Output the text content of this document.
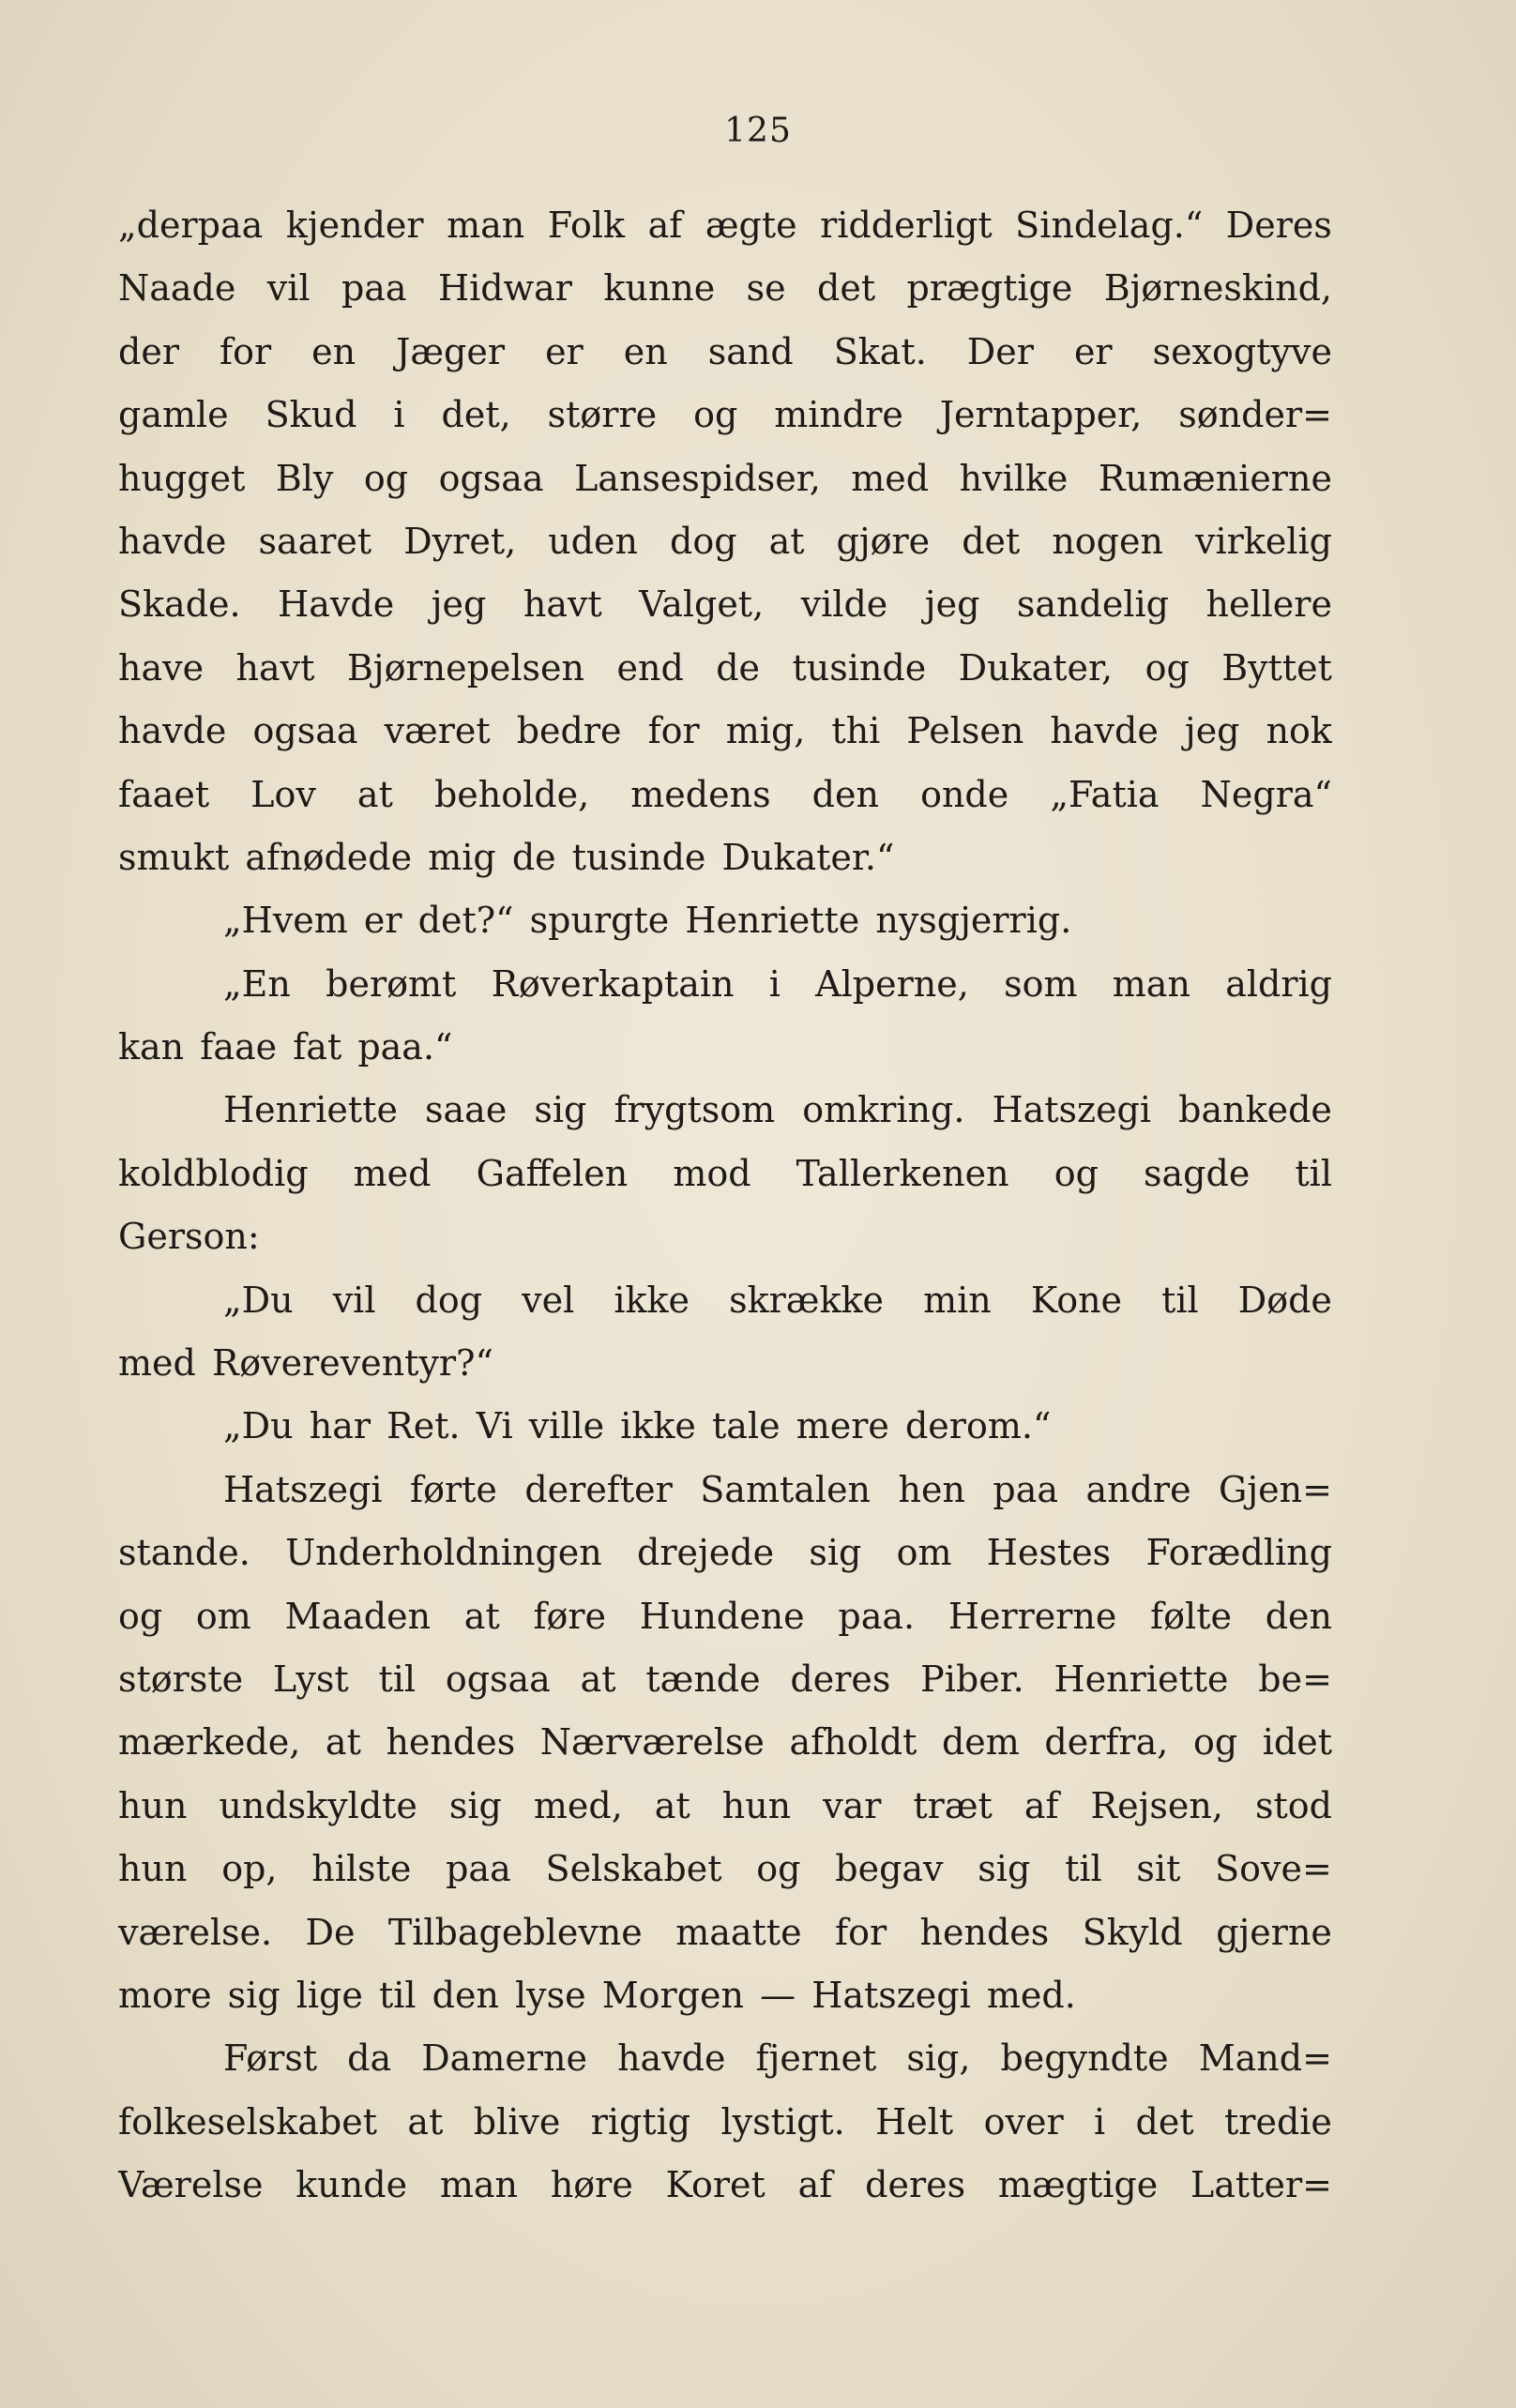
125
„derpaa kjender man Folk af ægte ridderligt Sindelag.“ Deres
Naade vil paa Hidwar kunne se det prægtige Bjørneskind,
der for en Jæger er en sand Skat. Der er sexogtyve
gamle Skud i det, større og mindre Jerntapper, sønder=
hugget Bly og ogsaa Lansespidser, med hvilke Rumænierne
havde saaret Dyret, uden dog at gjøre det nogen virkelig
Skade. Havde jeg havt Valget, vilde jeg sandelig hellere
have havt Bjørnepelsen end de tusinde Dukater, og Byttet
havde ogsaa været bedre for mig, thi Pelsen havde jeg nok
faaet Lov at beholde, medens den onde „Fatia Negra“
smukt afnødede mig de tusinde Dukater.“
„Hvem er det?“ spurgte Henriette nysgjerrig.
„En berømt Røverkaptain i Alperne, som man aldrig
kan faae fat paa.“
Henriette saae sig frygtsom omkring. Hatszegi bankede
koldblodig med Gaffelen mod Tallerkenen og sagde til
Gerson:
„Du vil dog vel ikke skrække min Kone til Døde
med Røvereventyr?“
„Du har Ret. Vi ville ikke tale mere derom.“
Hatszegi førte derefter Samtalen hen paa andre Gjen=
stande. Underholdningen drejede sig om Hestes Forædling
og om Maaden at føre Hundene paa. Herrerne følte den
største Lyst til ogsaa at tænde deres Piber. Henriette be=
mærkede, at hendes Nærværelse afholdt dem derfra, og idet
hun undskyldte sig med, at hun var træt af Rejsen, stod
hun op, hilste paa Selskabet og begav sig til sit Sove=
værelse. De Tilbageblevne maatte for hendes Skyld gjerne
more sig lige til den lyse Morgen — Hatszegi med.
Først da Damerne havde fjernet sig, begyndte Mand=
folkeselskabet at blive rigtig lystigt. Helt over i det tredie
Værelse kunde man høre Koret af deres mægtige Latter=
